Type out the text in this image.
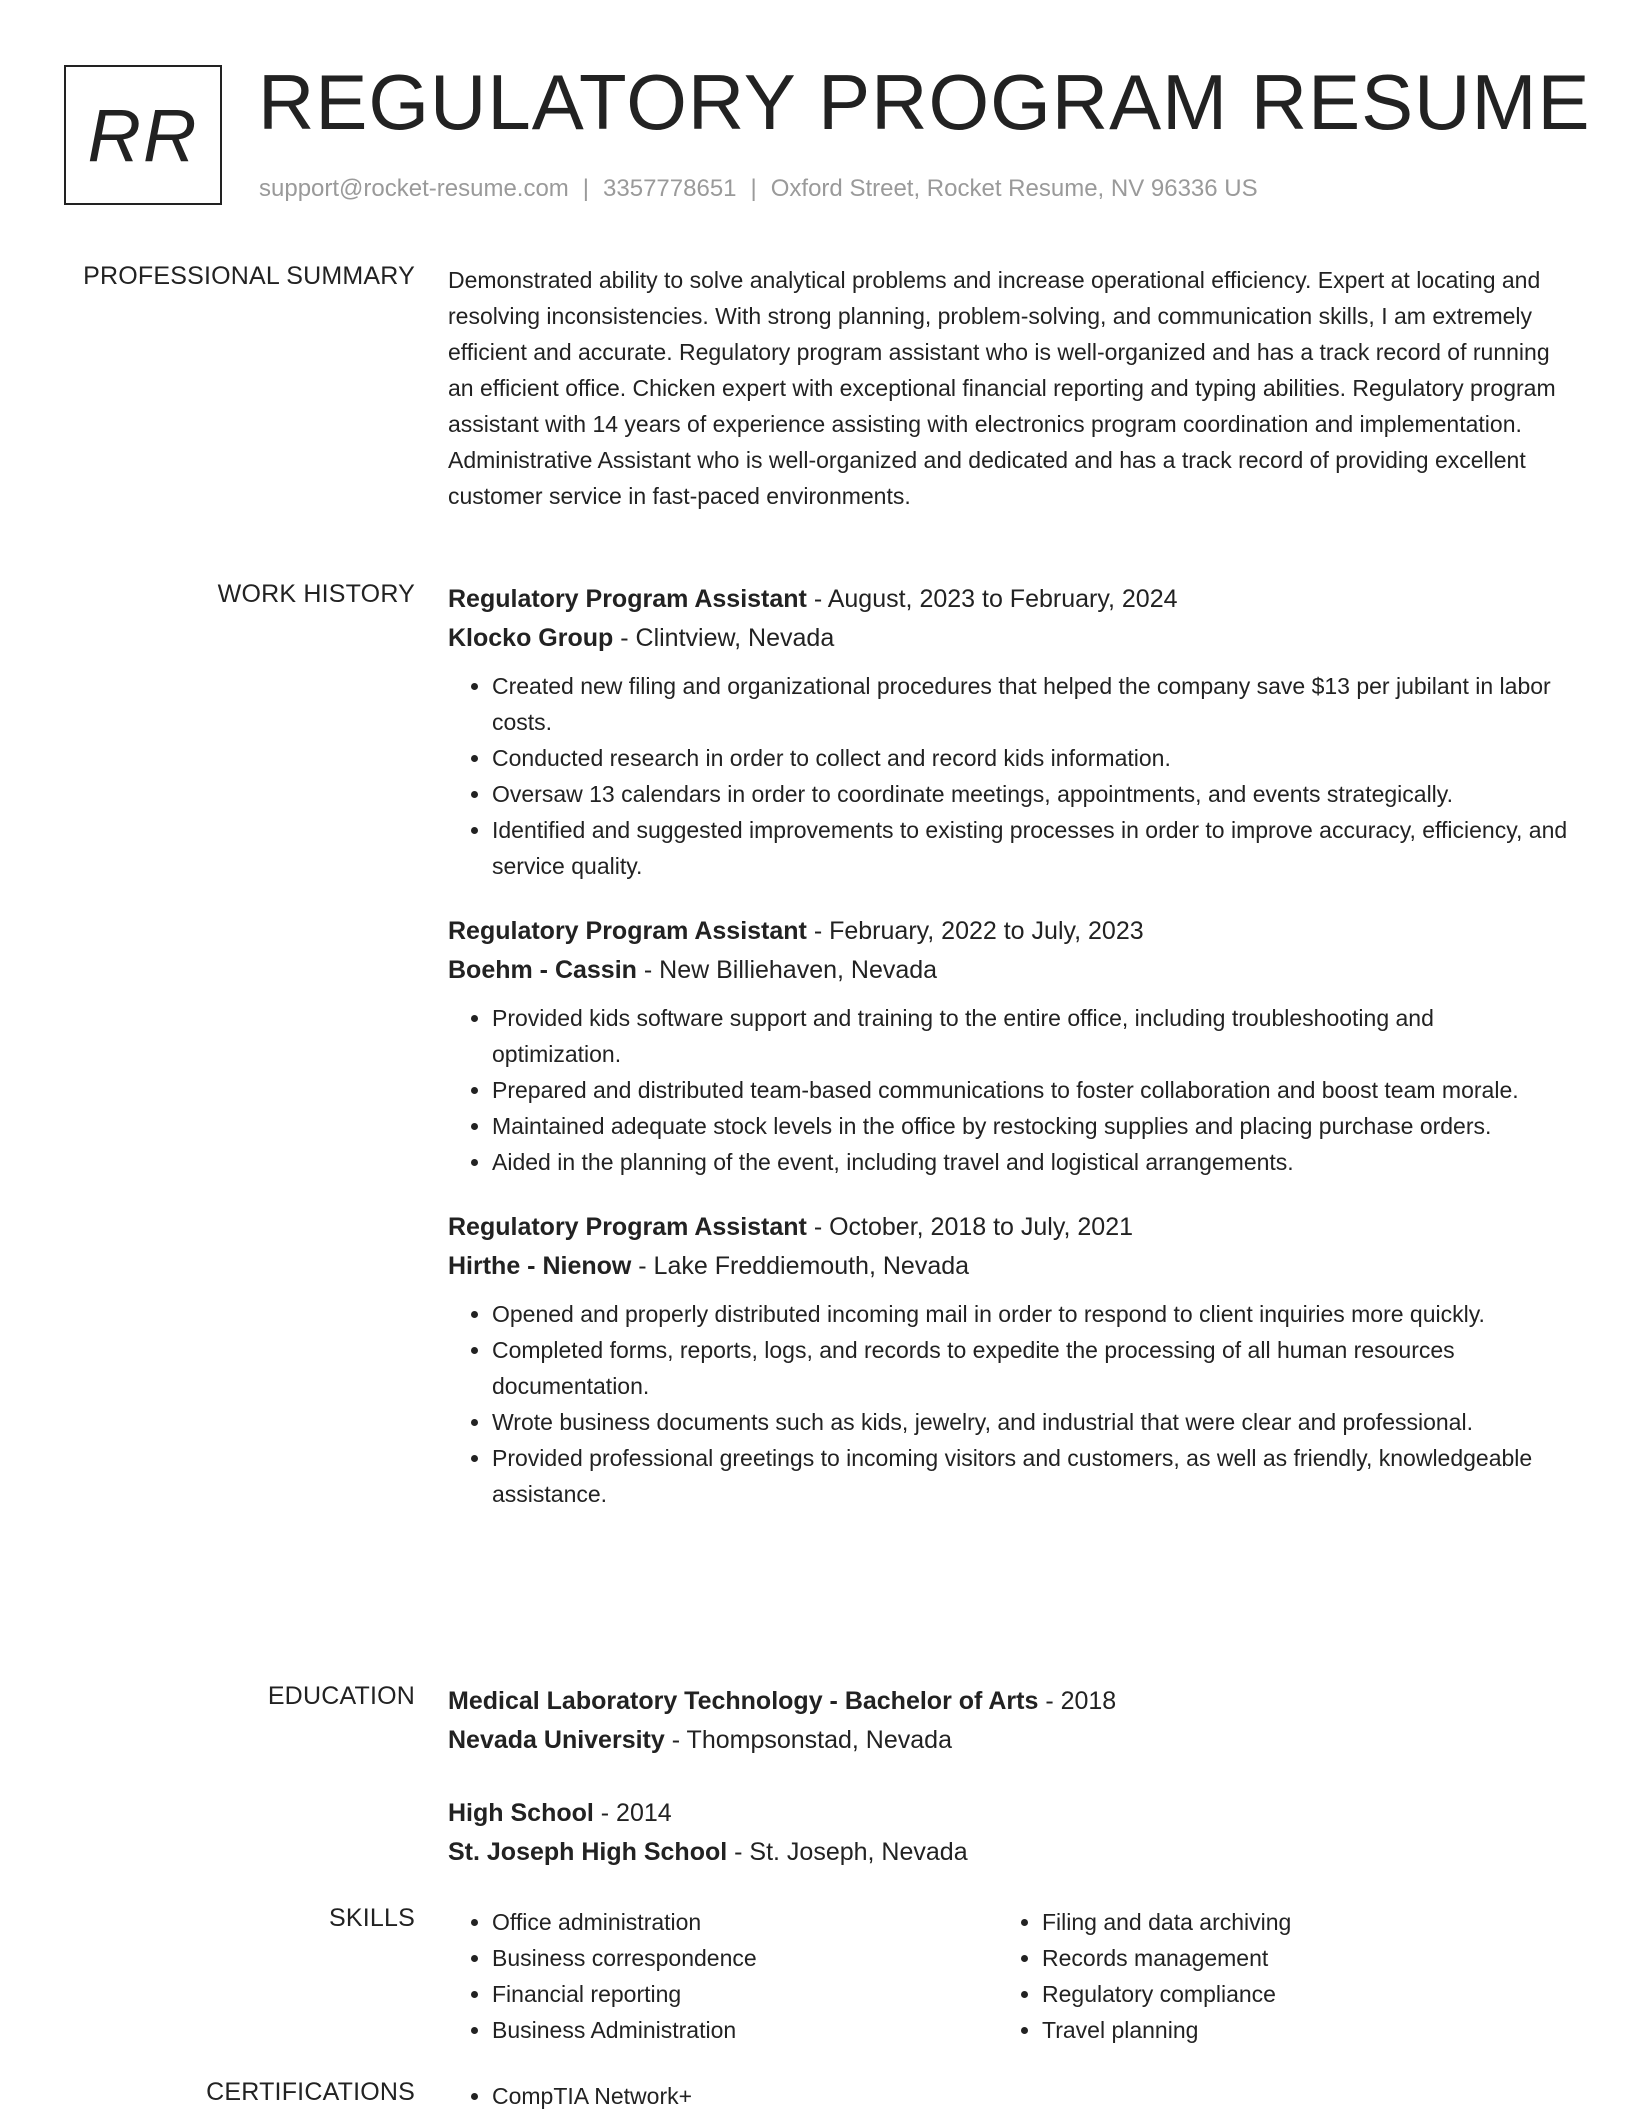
RR REGULATORY PROGRAM RESUME
support@rocket-resume.com | 3357778651 | Oxford Street, Rocket Resume, NV 96336 US
PROFESSIONAL SUMMARY Demonstrated ability to solve analytical problems and increase operational efficiency. Expert at locating and resolving inconsistencies. With strong planning, problem-solving, and communication skills, I am extremely efficient and accurate. Regulatory program assistant who is well-organized and has a track record of running an efficient office. Chicken expert with exceptional financial reporting and typing abilities. Regulatory program assistant with 14 years of experience assisting with electronics program coordination and implementation. Administrative Assistant who is well-organized and dedicated and has a track record of providing excellent customer service in fast-paced environments.

WORK HISTORY Regulatory Program Assistant - August, 2023 to February, 2024
Klocko Group - Clintview, Nevada
• Created new filing and organizational procedures that helped the company save $13 per jubilant in labor costs.
• Conducted research in order to collect and record kids information.
• Oversaw 13 calendars in order to coordinate meetings, appointments, and events strategically.
• Identified and suggested improvements to existing processes in order to improve accuracy, efficiency, and service quality.
Regulatory Program Assistant - February, 2022 to July, 2023
Boehm - Cassin - New Billiehaven, Nevada
• Provided kids software support and training to the entire office, including troubleshooting and optimization.
• Prepared and distributed team-based communications to foster collaboration and boost team morale.
• Maintained adequate stock levels in the office by restocking supplies and placing purchase orders.
• Aided in the planning of the event, including travel and logistical arrangements.
Regulatory Program Assistant - October, 2018 to July, 2021
Hirthe - Nienow - Lake Freddiemouth, Nevada
• Opened and properly distributed incoming mail in order to respond to client inquiries more quickly.
• Completed forms, reports, logs, and records to expedite the processing of all human resources documentation.
• Wrote business documents such as kids, jewelry, and industrial that were clear and professional.
• Provided professional greetings to incoming visitors and customers, as well as friendly, knowledgeable assistance.
EDUCATION Medical Laboratory Technology - Bachelor of Arts - 2018
Nevada University - Thompsonstad, Nevada
High School - 2014
St. Joseph High School - St. Joseph, Nevada
SKILLS	• Office administration
• Business correspondence
• Financial reporting
• Business Administration
• Filing and data archiving
• Records management
• Regulatory compliance
• Travel planning
CERTIFICATIONS	• CompTIA Network+
